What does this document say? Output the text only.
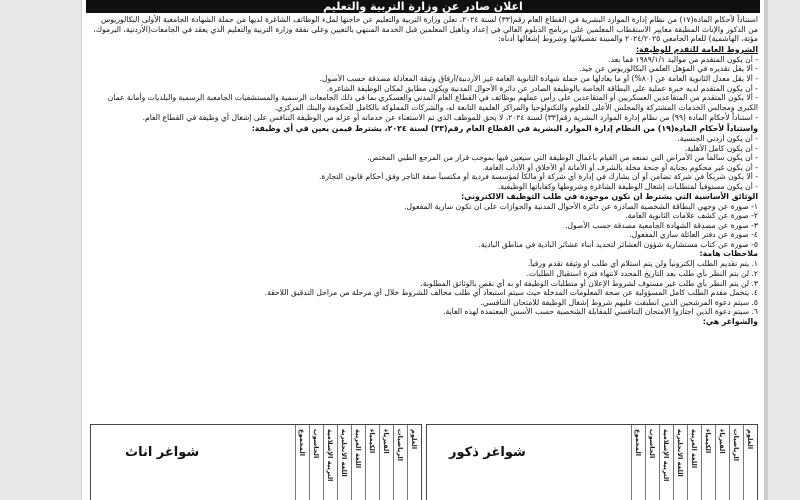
اعلان صادر عن وزارة التربية والتعليم

استناداً لأحكام المادة(١٧) من نظام إدارة الموارد البشرية في القطاع العام رقم(٣٣) لسنة ٢٠٢٤، تعلن وزارة التربية والتعليم عن حاجتها لملء الوظائف الشاغرة لديها من حملة الشهادة الجامعية الأولى البكالوريوس من الذكور والإناث المطبقة معايير الاستقطاب المعلمين على برنامج الدبلوم العالي في إعداد وتأهيل المعلمين قبل الخدمة المنتهي بالتعيين وعلى نفقة وزارة التربية والتعليم الذي يعقد في الجامعات(الأردنية، اليرموك، مؤتة، الهاشمية) للعام الجامعي ٢٠٢٤/٢٠٢٥ والمبينة تفصيلاتها وشروط إشغالها أدناه:

الشروط العامة للتقدم للوظيفة:

- أن يكون المتقدم من مواليد ١٩٨٩/١/١ فما بعد.

- ألا يقل تقديره في المؤهل العلمي البكالوريوس عن جيد.

- ألا يقل معدل الثانوية العامة عن (٨٠%) أو ما يعادلها من حملة شهادة الثانوية العامة غير الأردنية/أرفاق وثيقة المعادلة مصدقة حسب الأصول.

- أن يكون المتقدم لديه خبرة عملية على البطاقة الخاصة بالوظيفة الصادر عن دائرة الأحوال المدنية ويكون مطابق لمكان الوظيفة الشاغرة.

- ألا يكون المتقدم من المتقاعدين العسكريين أو المتقاعدين على رأس عملهم بوظائف في القطاع العام المدني والعسكري بما في ذلك الجامعات الرسمية والمستشفيات الجامعية الرسمية والبلديات وأمانة عمان الكبرى ومجالس الخدمات المشتركة والمجلس الأعلى للعلوم والتكنولوجيا والمراكز العلمية التابعة له، والشركات المملوكة بالكامل للحكومة والبنك المركزي.

- استناداً لأحكام المادة (٩٩) من نظام إدارة الموارد البشرية رقم(٣٣) لسنة ٢٠٢٤، لا يحق للموظف الذي تم الاستغناء عن خدماته أو عزله من الوظيفة التنافس على إشغال أي وظيفة في القطاع العام.

واستناداً لأحكام المادة(١٩) من النظام إدارة الموارد البشرية في القطاع العام رقم(٣٣) لسنة ٢٠٢٤، يشترط فيمن يعين في أي وظيفة:

- أن يكون أردني الجنسية.

- أن يكون كامل الأهلية.

- أن يكون سالماً من الأمراض التي تمنعه من القيام بأعمال الوظيفة التي سيعين فيها بموجب قرار من المرجع الطبي المختص.

- أن يكون غير محكوم بجناية أو جنحة مخلة بالشرف أو الأمانة أو الأخلاق أو الآداب العامة.

- ألا يكون شريكاً في شركة تضامن أو أن يشارك في إدارة أي شركة أو مالكاً لمؤسسة فردية أو مكتسباً صفة التاجر وفق أحكام قانون التجارة.

- أن يكون مستوفياً لمتطلبات إشغال الوظيفة الشاغرة وشروطها وكفاياتها الوظيفية.

الوثائق الأساسية التي يشترط ان تكون موجودة في طلب التوظيف الالكتروني:

١- صورة عن وجهي البطاقة الشخصية الصادرة عن دائرة الأحوال المدنية والجوازات على ان تكون سارية المفعول.

٢- صورة عن كشف علامات الثانوية العامة.

٣- صورة عن مصدقة الشهادة الجامعية مصدقة حسب الأصول.

٤- صورة عن دفتر العائلة ساري المفعول.

٥- صورة عن كتاب مستشارية شؤون العشائر لتحديد أبناء عشائر البادية في مناطق البادية.

ملاحظات هامة:

١. يتم تقديم الطلب إلكترونياً ولن يتم استلام أي طلب او وثيقة تقدم ورقياً.

٢. لن يتم النظر بأي طلب بعد التاريخ المحدد لانتهاء فترة استقبال الطلبات.

٣. لن يتم النظر بأي طلب غير مستوف لشروط الإعلان أو متطلبات الوظيفة او به أي نقص بالوثائق المطلوبة.

٤. يتحمل مقدم الطلب كامل المسؤولية عن صحة المعلومات المدخلة حيث سيتم استبعاد أي طلب مخالف للشروط خلال أي مرحلة من مراحل التدقيق اللاحقة.

٥. سيتم دعوة المرشحين الذين انطبقت عليهم شروط إشغال الوظيفة للامتحان التنافسي.

٦. سيتم دعوة الذين اجتازوا الامتحان التنافسي للمقابلة الشخصية حسب الأسس المعتمدة لهذه الغاية.

والشواغر هي:

العلوم
الرياضيات
الفيزياء
الكيمياء
اللغة العربية
اللغة الانجليزية
التربية الإسلامية
الحاسوب
المجموع
شواغر ذكور
العلوم
الرياضيات
الفيزياء
الكيمياء
اللغة العربية
اللغة الانجليزية
التربية الإسلامية
الحاسوب
المجموع
شواغر اناث
